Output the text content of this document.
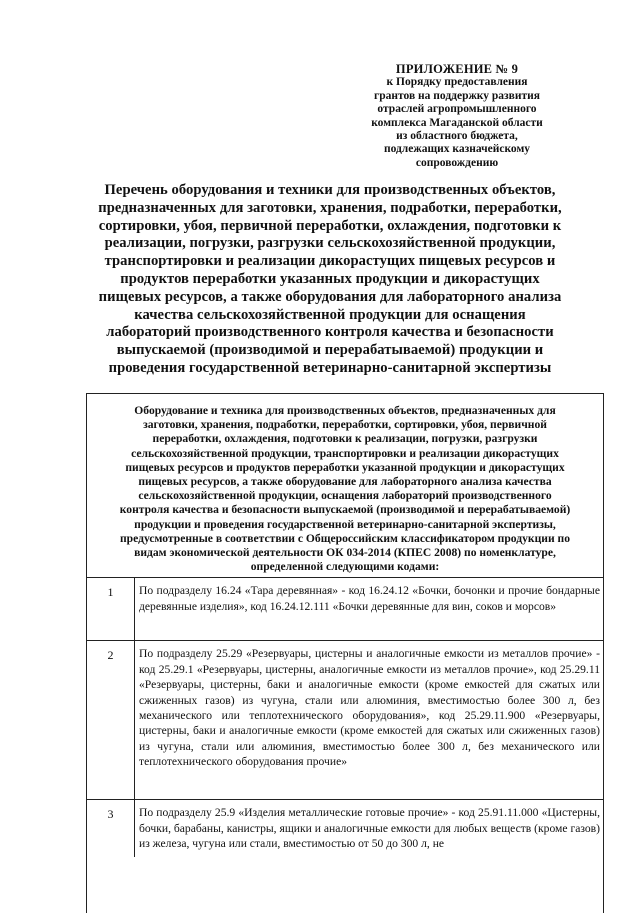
ПРИЛОЖЕНИЕ № 9
к Порядку предоставления
грантов на поддержку развития
отраслей агропромышленного
комплекса Магаданской области
из областного бюджета,
подлежащих казначейскому
сопровождению
Перечень оборудования и техники для производственных объектов,
предназначенных для заготовки, хранения, подработки, переработки,
сортировки, убоя, первичной переработки, охлаждения, подготовки к
реализации, погрузки, разгрузки сельскохозяйственной продукции,
транспортировки и реализации дикорастущих пищевых ресурсов и
продуктов переработки указанных продукции и дикорастущих
пищевых ресурсов, а также оборудования для лабораторного анализа
качества сельскохозяйственной продукции для оснащения
лабораторий производственного контроля качества и безопасности
выпускаемой (производимой и перерабатываемой) продукции и
проведения государственной ветеринарно-санитарной экспертизы
Оборудование и техника для производственных объектов, предназначенных для
заготовки, хранения, подработки, переработки, сортировки, убоя, первичной
переработки, охлаждения, подготовки к реализации, погрузки, разгрузки
сельскохозяйственной продукции, транспортировки и реализации дикорастущих
пищевых ресурсов и продуктов переработки указанной продукции и дикорастущих
пищевых ресурсов, а также оборудование для лабораторного анализа качества
сельскохозяйственной продукции, оснащения лабораторий производственного
контроля качества и безопасности выпускаемой (производимой и перерабатываемой)
продукции и проведения государственной ветеринарно-санитарной экспертизы,
предусмотренные в соответствии с Общероссийским классификатором продукции по
видам экономической деятельности ОК 034-2014 (КПЕС 2008) по номенклатуре,
определенной следующими кодами:
1	По подразделу 16.24 «Тара деревянная» - код 16.24.12 «Бочки, бочонки и прочие бондарные деревянные изделия», код 16.24.12.111 «Бочки деревянные для вин, соков и морсов»
2	По подразделу 25.29 «Резервуары, цистерны и аналогичные емкости из металлов прочие» - код 25.29.1 «Резервуары, цистерны, аналогичные емкости из металлов прочие», код 25.29.11 «Резервуары, цистерны, баки и аналогичные емкости (кроме емкостей для сжатых или сжиженных газов) из чугуна, стали или алюминия, вместимостью более 300 л, без механического или теплотехнического оборудования», код 25.29.11.900 «Резервуары, цистерны, баки и аналогичные емкости (кроме емкостей для сжатых или сжиженных газов) из чугуна, стали или алюминия, вместимостью более 300 л, без механического или теплотехнического оборудования прочие»
3	По подразделу 25.9 «Изделия металлические готовые прочие» - код 25.91.11.000 «Цистерны, бочки, барабаны, канистры, ящики и аналогичные емкости для любых веществ (кроме газов) из железа, чугуна или стали, вместимостью от 50 до 300 л, не
